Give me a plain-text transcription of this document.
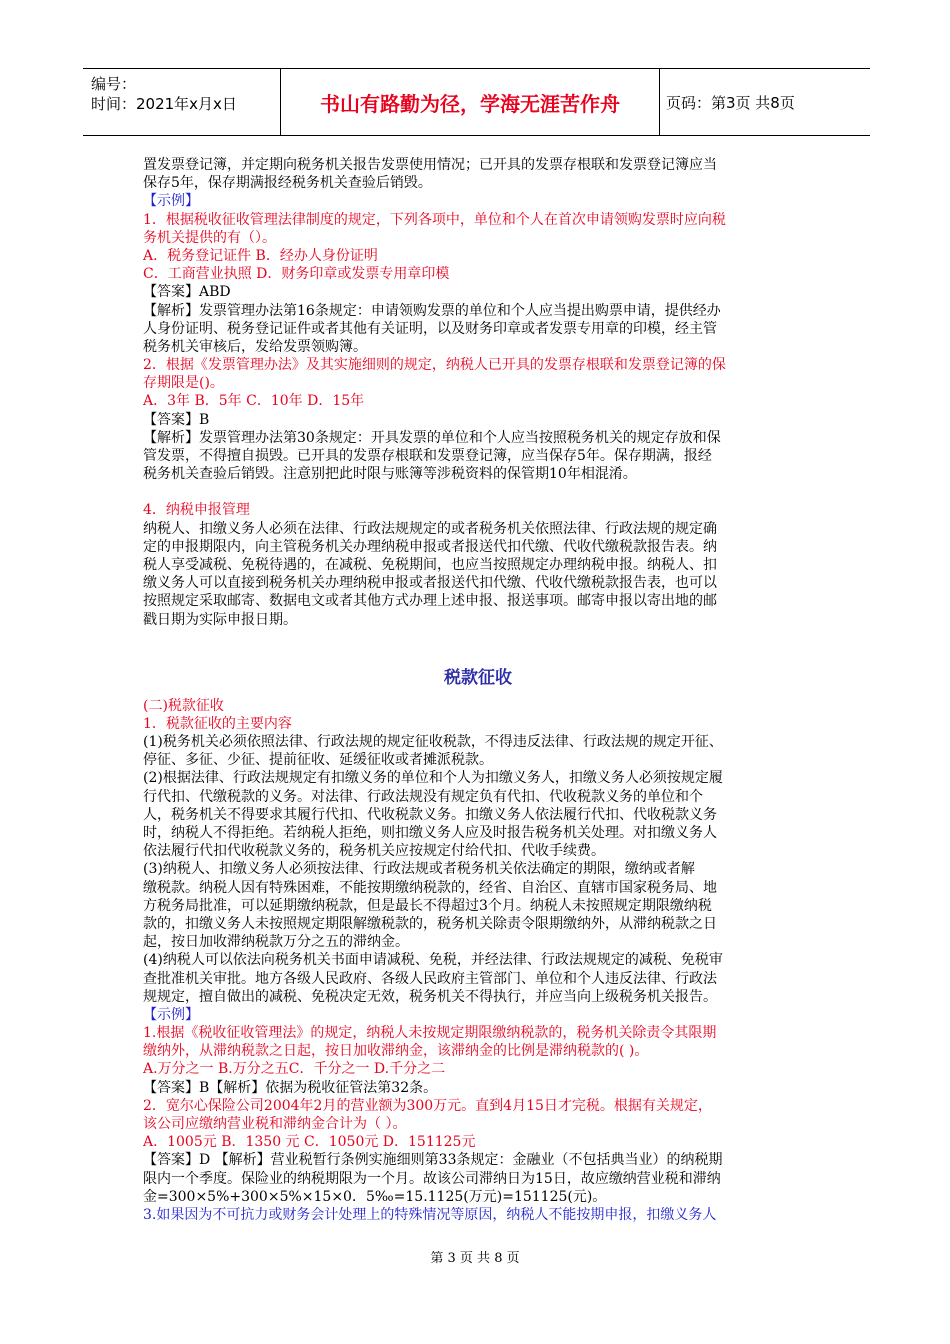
编号：
时间：2021年x月x日	书山有路勤为径，学海无涯苦作舟	页码：第3页 共8页
置发票登记簿，并定期向税务机关报告发票使用情况；已开具的发票存根联和发票登记簿应当
保存5年，保存期满报经税务机关查验后销毁。
【示例】
1．根据税收征收管理法律制度的规定，下列各项中，单位和个人在首次申请领购发票时应向税
务机关提供的有（）。
A．税务登记证件 B．经办人身份证明
C．工商营业执照 D．财务印章或发票专用章印模
【答案】ABD
【解析】发票管理办法第16条规定：申请领购发票的单位和个人应当提出购票申请，提供经办
人身份证明、税务登记证件或者其他有关证明，以及财务印章或者发票专用章的印模，经主管
税务机关审核后，发给发票领购簿。
2．根据《发票管理办法》及其实施细则的规定，纳税人已开具的发票存根联和发票登记簿的保
存期限是()。
A．3年 B．5年 C．10年 D．15年
【答案】B
【解析】发票管理办法第30条规定：开具发票的单位和个人应当按照税务机关的规定存放和保
管发票，不得擅自损毁。已开具的发票存根联和发票登记簿，应当保存5年。保存期满，报经
税务机关查验后销毁。注意别把此时限与账簿等涉税资料的保管期10年相混淆。
4．纳税申报管理
纳税人、扣缴义务人必须在法律、行政法规规定的或者税务机关依照法律、行政法规的规定确
定的申报期限内，向主管税务机关办理纳税申报或者报送代扣代缴、代收代缴税款报告表。纳
税人享受减税、免税待遇的，在减税、免税期间，也应当按照规定办理纳税申报。纳税人、扣
缴义务人可以直接到税务机关办理纳税申报或者报送代扣代缴、代收代缴税款报告表，也可以
按照规定采取邮寄、数据电文或者其他方式办理上述申报、报送事项。邮寄申报以寄出地的邮
戳日期为实际申报日期。
税款征收
(二)税款征收
1．税款征收的主要内容
(1)税务机关必须依照法律、行政法规的规定征收税款，不得违反法律、行政法规的规定开征、
停征、多征、少征、提前征收、延缓征收或者摊派税款。
(2)根据法律、行政法规规定有扣缴义务的单位和个人为扣缴义务人，扣缴义务人必须按规定履
行代扣、代缴税款的义务。对法律、行政法规没有规定负有代扣、代收税款义务的单位和个
人，税务机关不得要求其履行代扣、代收税款义务。扣缴义务人依法履行代扣、代收税款义务
时，纳税人不得拒绝。若纳税人拒绝，则扣缴义务人应及时报告税务机关处理。对扣缴义务人
依法履行代扣代收税款义务的，税务机关应按规定付给代扣、代收手续费。
(3)纳税人、扣缴义务人必须按法律、行政法规或者税务机关依法确定的期限，缴纳或者解
缴税款。纳税人因有特殊困难，不能按期缴纳税款的，经省、自治区、直辖市国家税务局、地
方税务局批准，可以延期缴纳税款，但是最长不得超过3个月。纳税人未按照规定期限缴纳税
款的，扣缴义务人未按照规定期限解缴税款的，税务机关除责令限期缴纳外，从滞纳税款之日
起，按日加收滞纳税款万分之五的滞纳金。
(4)纳税人可以依法向税务机关书面申请减税、免税，并经法律、行政法规规定的减税、免税审
查批准机关审批。地方各级人民政府、各级人民政府主管部门、单位和个人违反法律、行政法
规规定，擅自做出的减税、免税决定无效，税务机关不得执行，并应当向上级税务机关报告。
【示例】
1.根据《税收征收管理法》的规定，纳税人未按规定期限缴纳税款的，税务机关除责令其限期
缴纳外，从滞纳税款之日起，按日加收滞纳金，该滞纳金的比例是滞纳税款的( )。
A.万分之一 B.万分之五C．千分之一 D.千分之二
【答案】B【解析】依据为税收征管法第32条。
2．宽尔心保险公司2004年2月的营业额为300万元。直到4月15日才完税。根据有关规定，
该公司应缴纳营业税和滞纳金合计为（ ）。
A．1005元 B．1350 元 C．1050元 D．151125元
【答案】D 【解析】营业税暂行条例实施细则第33条规定：金融业（不包括典当业）的纳税期
限内一个季度。保险业的纳税期限为一个月。故该公司滞纳日为15日，故应缴纳营业税和滞纳
金=300×5%+300×5%×15×0．5‰=15.1125(万元)=151125(元)。
3.如果因为不可抗力或财务会计处理上的特殊情况等原因，纳税人不能按期申报，扣缴义务人
第 3 页 共 8 页
